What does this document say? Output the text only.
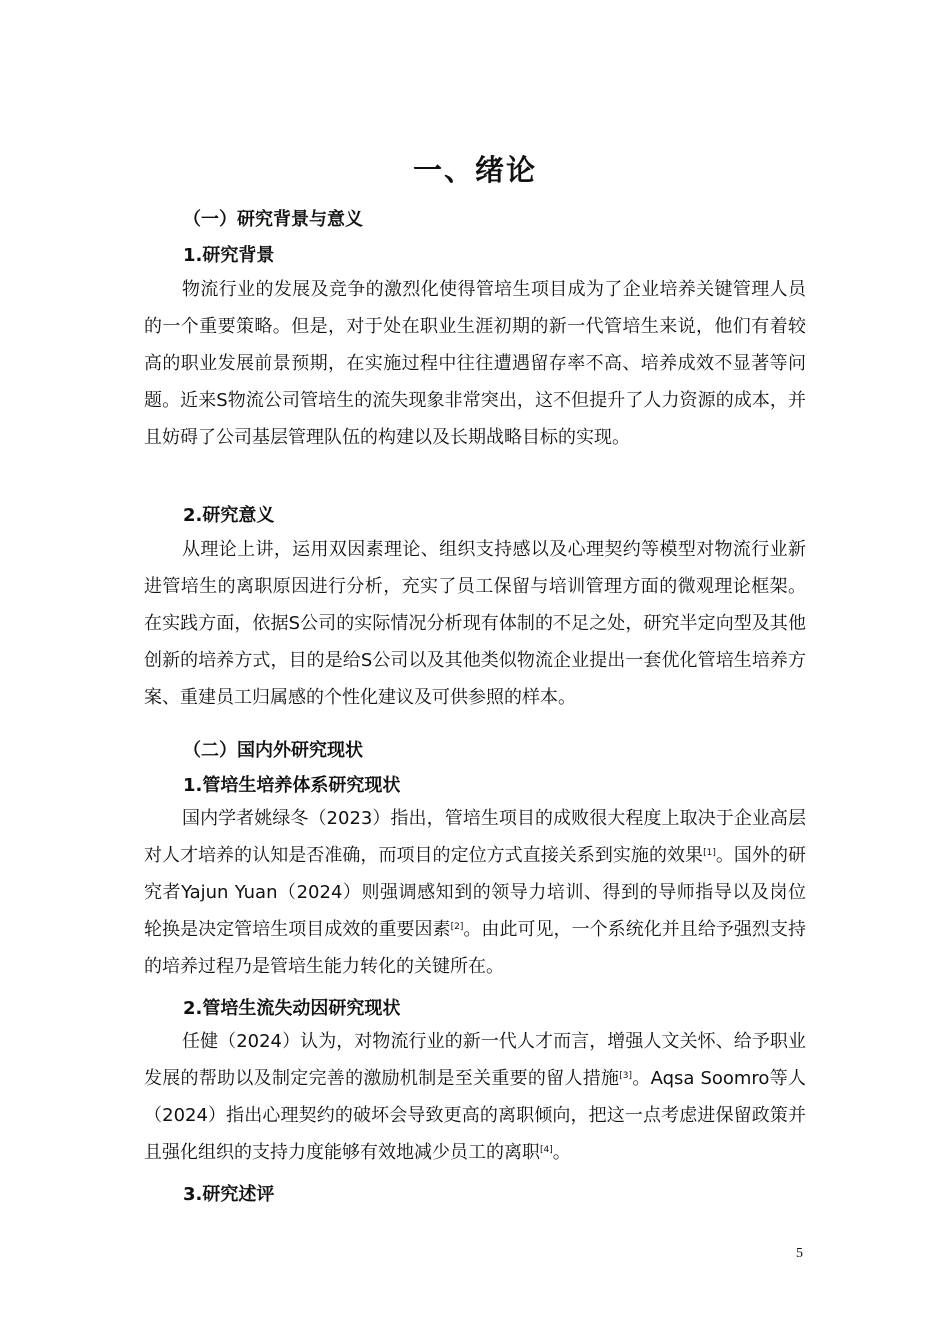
一、绪论
（一）研究背景与意义
1.研究背景
物流行业的发展及竞争的激烈化使得管培生项目成为了企业培养关键管理人员的一个重要策略。但是，对于处在职业生涯初期的新一代管培生来说，他们有着较高的职业发展前景预期，在实施过程中往往遭遇留存率不高、培养成效不显著等问题。近来S物流公司管培生的流失现象非常突出，这不但提升了人力资源的成本，并且妨碍了公司基层管理队伍的构建以及长期战略目标的实现。
2.研究意义
从理论上讲，运用双因素理论、组织支持感以及心理契约等模型对物流行业新进管培生的离职原因进行分析，充实了员工保留与培训管理方面的微观理论框架。在实践方面，依据S公司的实际情况分析现有体制的不足之处，研究半定向型及其他创新的培养方式，目的是给S公司以及其他类似物流企业提出一套优化管培生培养方案、重建员工归属感的个性化建议及可供参照的样本。
（二）国内外研究现状
1.管培生培养体系研究现状
国内学者姚绿冬（2023）指出，管培生项目的成败很大程度上取决于企业高层对人才培养的认知是否准确，而项目的定位方式直接关系到实施的效果[1]。国外的研究者Yajun Yuan（2024）则强调感知到的领导力培训、得到的导师指导以及岗位轮换是决定管培生项目成效的重要因素[2]。由此可见，一个系统化并且给予强烈支持的培养过程乃是管培生能力转化的关键所在。
2.管培生流失动因研究现状
任健（2024）认为，对物流行业的新一代人才而言，增强人文关怀、给予职业发展的帮助以及制定完善的激励机制是至关重要的留人措施[3]。Aqsa Soomro等人（2024）指出心理契约的破坏会导致更高的离职倾向，把这一点考虑进保留政策并且强化组织的支持力度能够有效地减少员工的离职[4]。
3.研究述评
5
